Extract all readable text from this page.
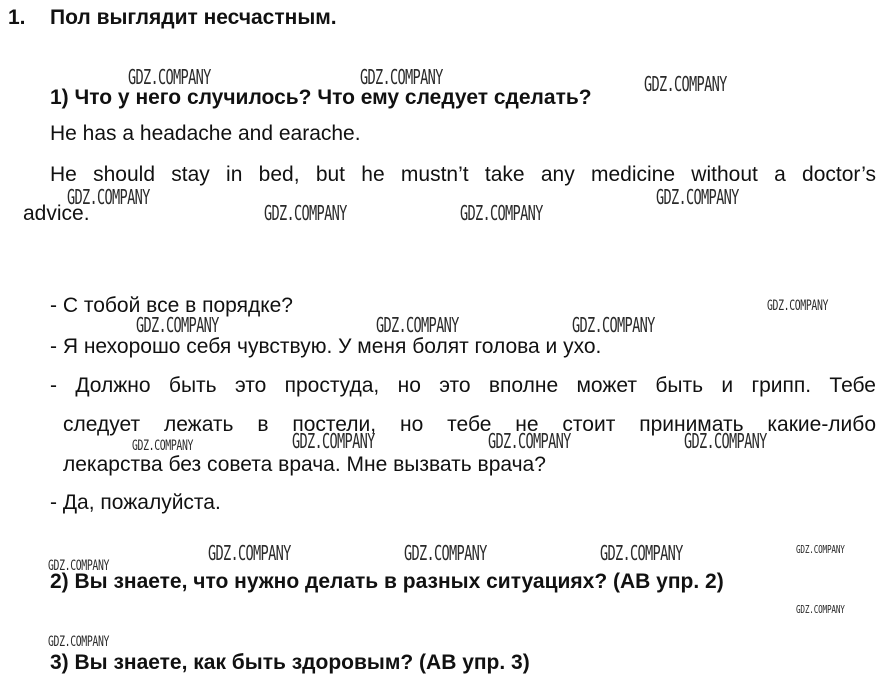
1. Пол выглядит несчастным.
1) Что у него случилось? Что ему следует сделать?
He has a headache and earache.
He should stay in bed, but he mustn’t take any medicine without a doctor’s
advice.
- С тобой все в порядке?
- Я нехорошо себя чувствую. У меня болят голова и ухо.
- Должно быть это простуда, но это вполне может быть и грипп. Тебе
следует лежать в постели, но тебе не стоит принимать какие-либо
лекарства без совета врача. Мне вызвать врача?
- Да, пожалуйста.
2) Вы знаете, что нужно делать в разных ситуациях? (AB упр. 2)
3) Вы знаете, как быть здоровым? (AB упр. 3)
GDZ.COMPANY	GDZ.COMPANY	GDZ.COMPANY
GDZ.COMPANY
GDZ.COMPANY	GDZ.COMPANY
GDZ.COMPANY
GDZ.COMPANY
GDZ.COMPANY	GDZ.COMPANY	GDZ.COMPANY
GDZ.COMPANY	GDZ.COMPANY	GDZ.COMPANY	GDZ.COMPANY
GDZ.COMPANY	GDZ.COMPANY	GDZ.COMPANY	GDZ.COMPANY
GDZ.COMPANY
GDZ.COMPANY
GDZ.COMPANY
